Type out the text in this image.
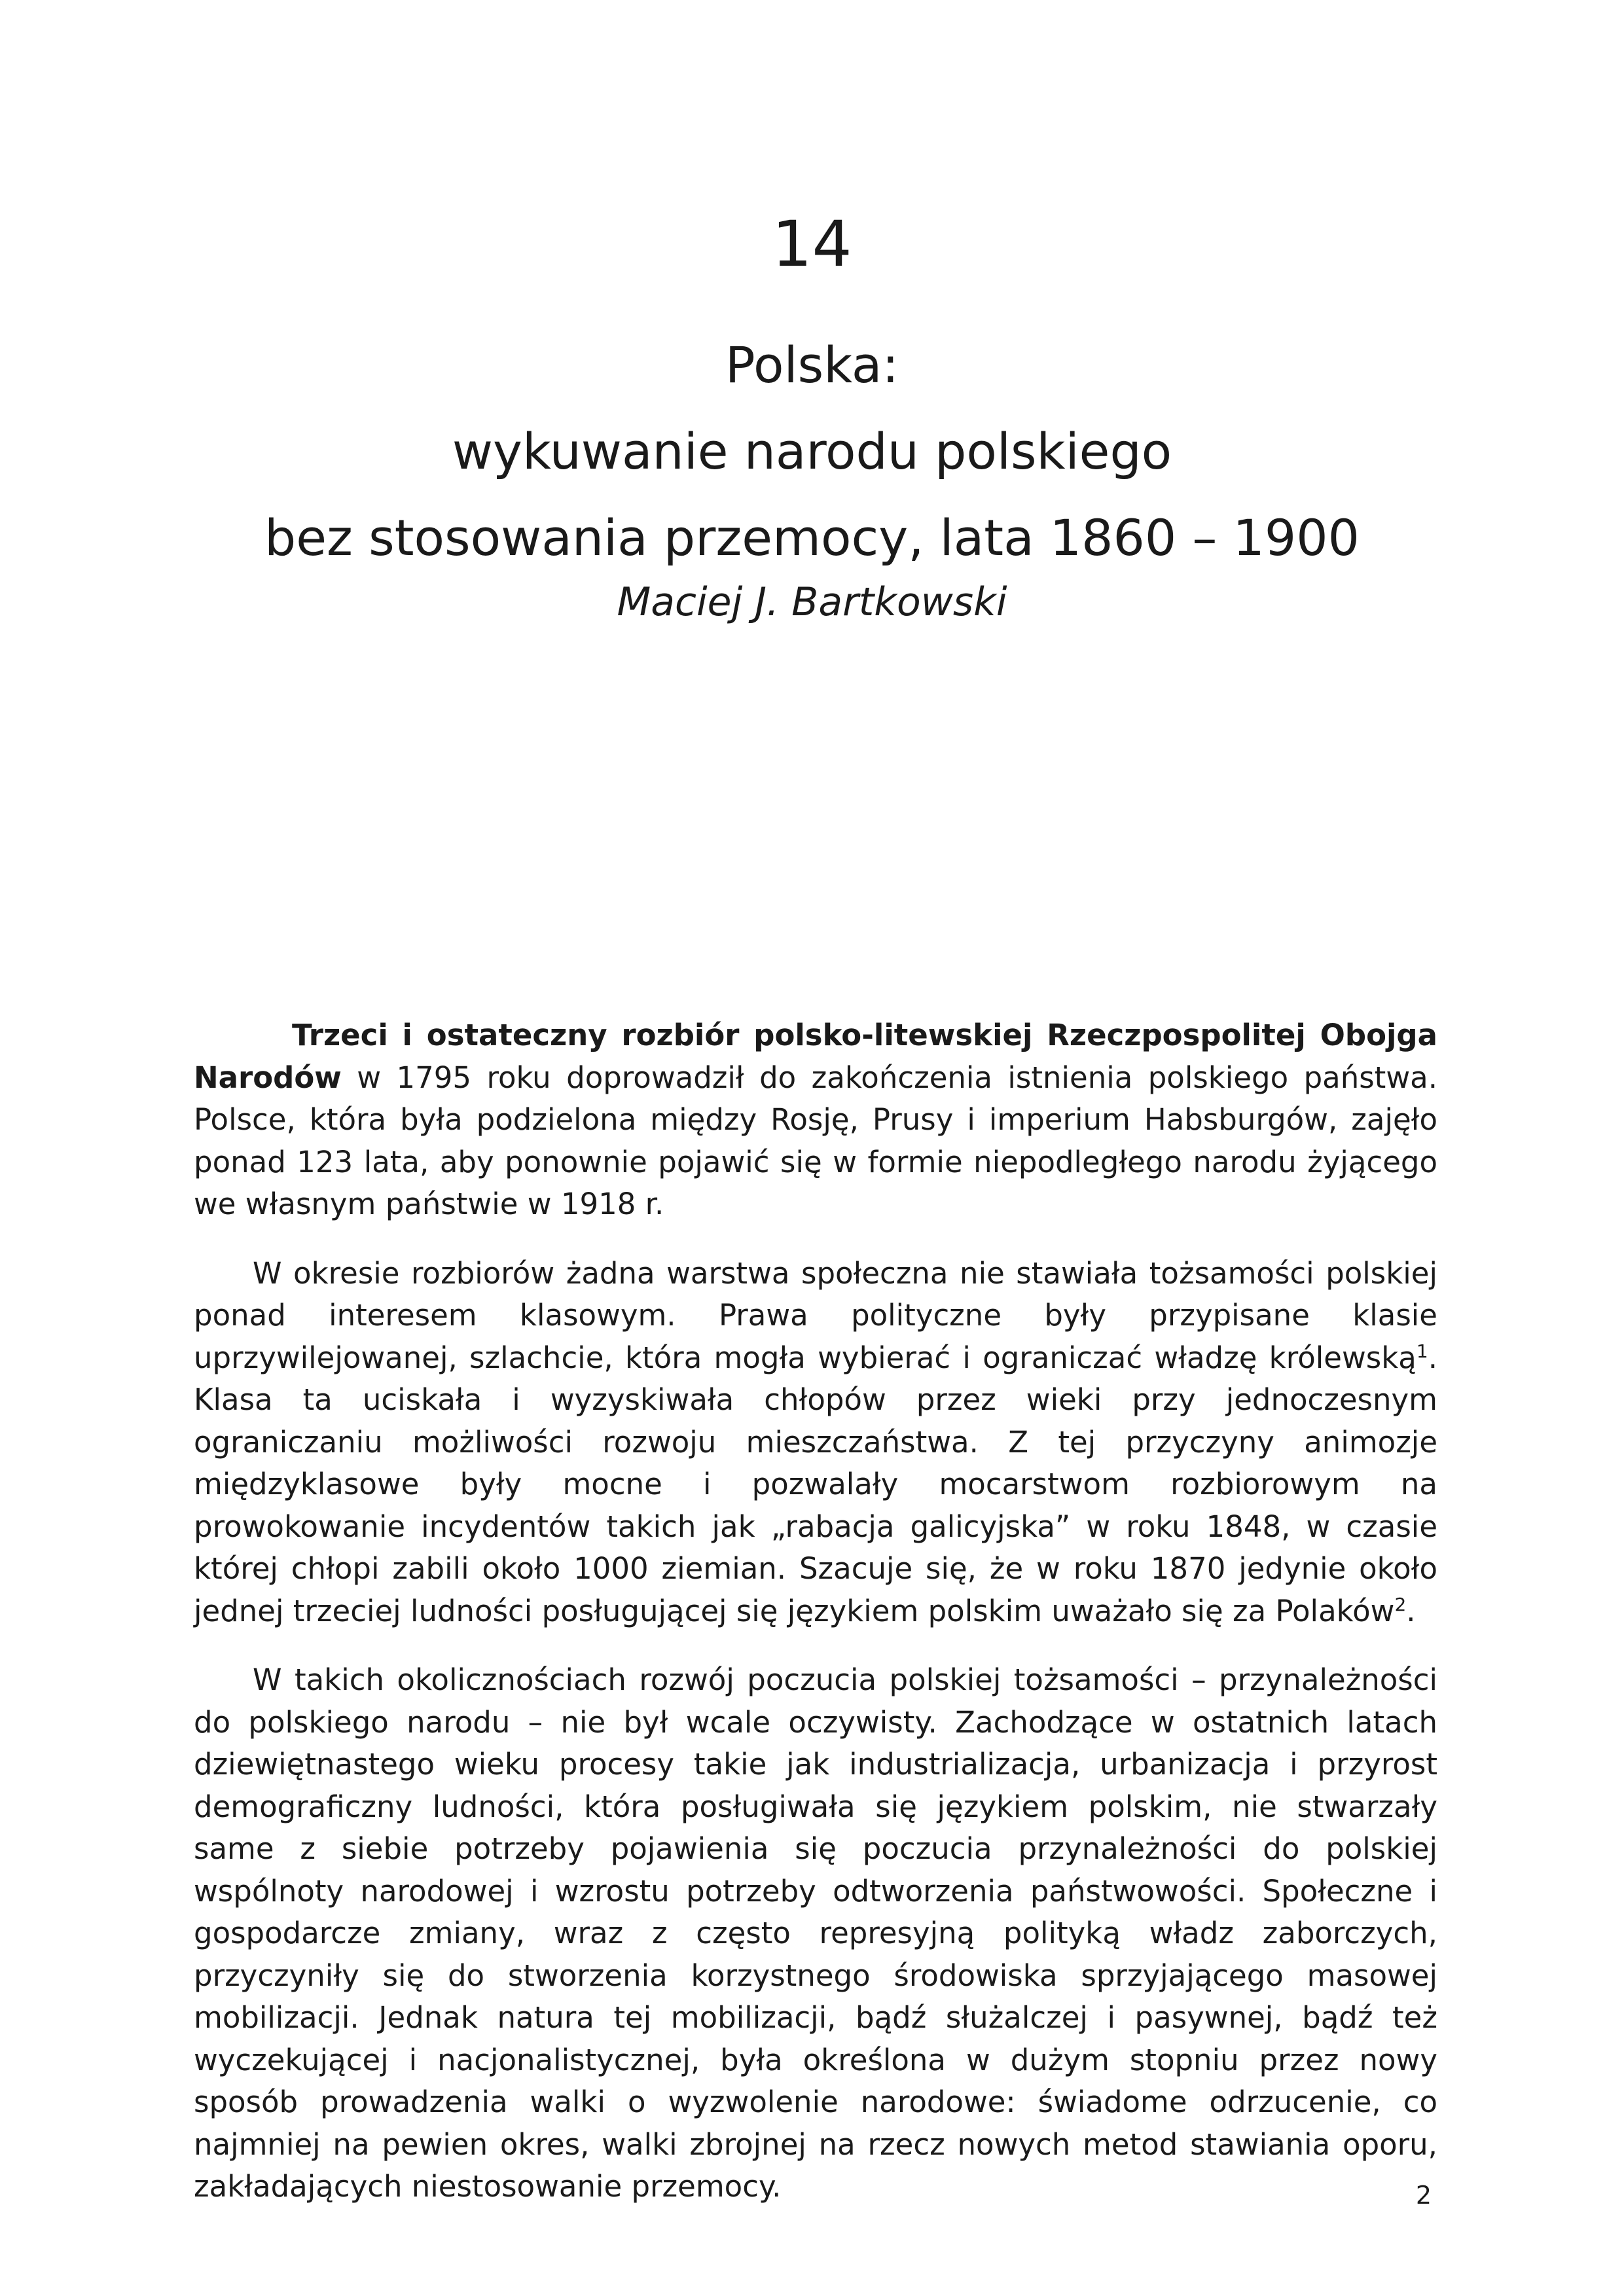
14
Polska:
wykuwanie narodu polskiego
bez stosowania przemocy, lata 1860 – 1900
Maciej J. Bartkowski

Trzeci i ostateczny rozbiór polsko-litewskiej Rzeczpospolitej Obojga Narodów w 1795 roku doprowadził do zakończenia istnienia polskiego państwa. Polsce, która była podzielona między Rosję, Prusy i imperium Habsburgów, zajęło ponad 123 lata, aby ponownie pojawić się w formie niepodległego narodu żyjącego we własnym państwie w 1918 r.

W okresie rozbiorów żadna warstwa społeczna nie stawiała tożsamości polskiej ponad interesem klasowym. Prawa polityczne były przypisane klasie uprzywilejowanej, szlachcie, która mogła wybierać i ograniczać władzę królewską$^1$. Klasa ta uciskała i wyzyskiwała chłopów przez wieki przy jednoczesnym ograniczaniu możliwości rozwoju mieszczaństwa. Z tej przyczyny animozje międzyklasowe były mocne i pozwalały mocarstwom rozbiorowym na prowokowanie incydentów takich jak „rabacja galicyjska” w roku 1848, w czasie której chłopi zabili około 1000 ziemian. Szacuje się, że w roku 1870 jedynie około jednej trzeciej ludności posługującej się językiem polskim uważało się za Polaków$^2$.

W takich okolicznościach rozwój poczucia polskiej tożsamości – przynależności do polskiego narodu – nie był wcale oczywisty. Zachodzące w ostatnich latach dziewiętnastego wieku procesy takie jak industrializacja, urbanizacja i przyrost demograficzny ludności, która posługiwała się językiem polskim, nie stwarzały same z siebie potrzeby pojawienia się poczucia przynależności do polskiej wspólnoty narodowej i wzrostu potrzeby odtworzenia państwowości. Społeczne i gospodarcze zmiany, wraz z często represyjną polityką władz zaborczych, przyczyniły się do stworzenia korzystnego środowiska sprzyjającego masowej mobilizacji. Jednak natura tej mobilizacji, bądź służalczej i pasywnej, bądź też wyczekującej i nacjonalistycznej, była określona w dużym stopniu przez nowy sposób prowadzenia walki o wyzwolenie narodowe: świadome odrzucenie, co najmniej na pewien okres, walki zbrojnej na rzecz nowych metod stawiania oporu, zakładających niestosowanie przemocy.	2
